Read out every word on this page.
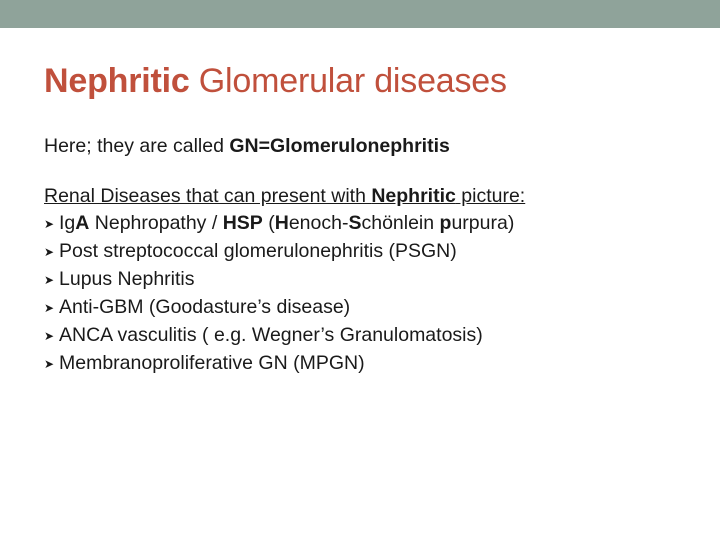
Nephritic Glomerular diseases

Here; they are called GN=Glomerulonephritis

Renal Diseases that can present with Nephritic picture:

➤ IgA Nephropathy / HSP (Henoch-Schönlein purpura)
➤ Post streptococcal glomerulonephritis (PSGN)
➤ Lupus Nephritis
➤ Anti-GBM (Goodasture’s disease)
➤ ANCA vasculitis ( e.g. Wegner’s Granulomatosis)
➤ Membranoproliferative GN (MPGN)
